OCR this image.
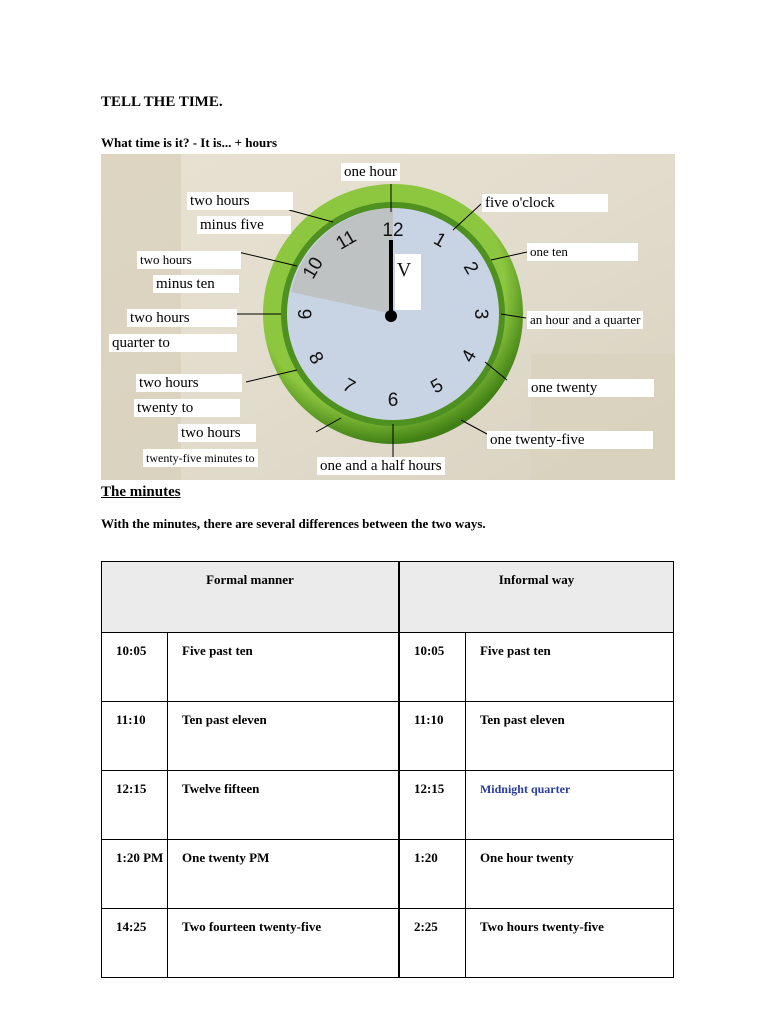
TELL THE TIME.
What time is it? - It is... + hours
12 1
2
3
4
5
6
7
8
9
10
11
V
one hour
five o'clock
one ten
an hour and a quarter
one twenty
one twenty-five
one and a half hours
two hours
minus five
two hours
minus ten
two hours
quarter to
two hours
twenty to
two hours
twenty-five minutes to
The minutes
With the minutes, there are several differences between the two ways.
Formal manner		Informal way	
10:05	Five past ten	10:05	Five past ten
11:10	Ten past eleven	11:10	Ten past eleven
12:15	Twelve fifteen	12:15	Midnight quarter
1:20 PM	One twenty PM	1:20	One hour twenty
14:25	Two fourteen twenty-five	2:25	Two hours twenty-five
